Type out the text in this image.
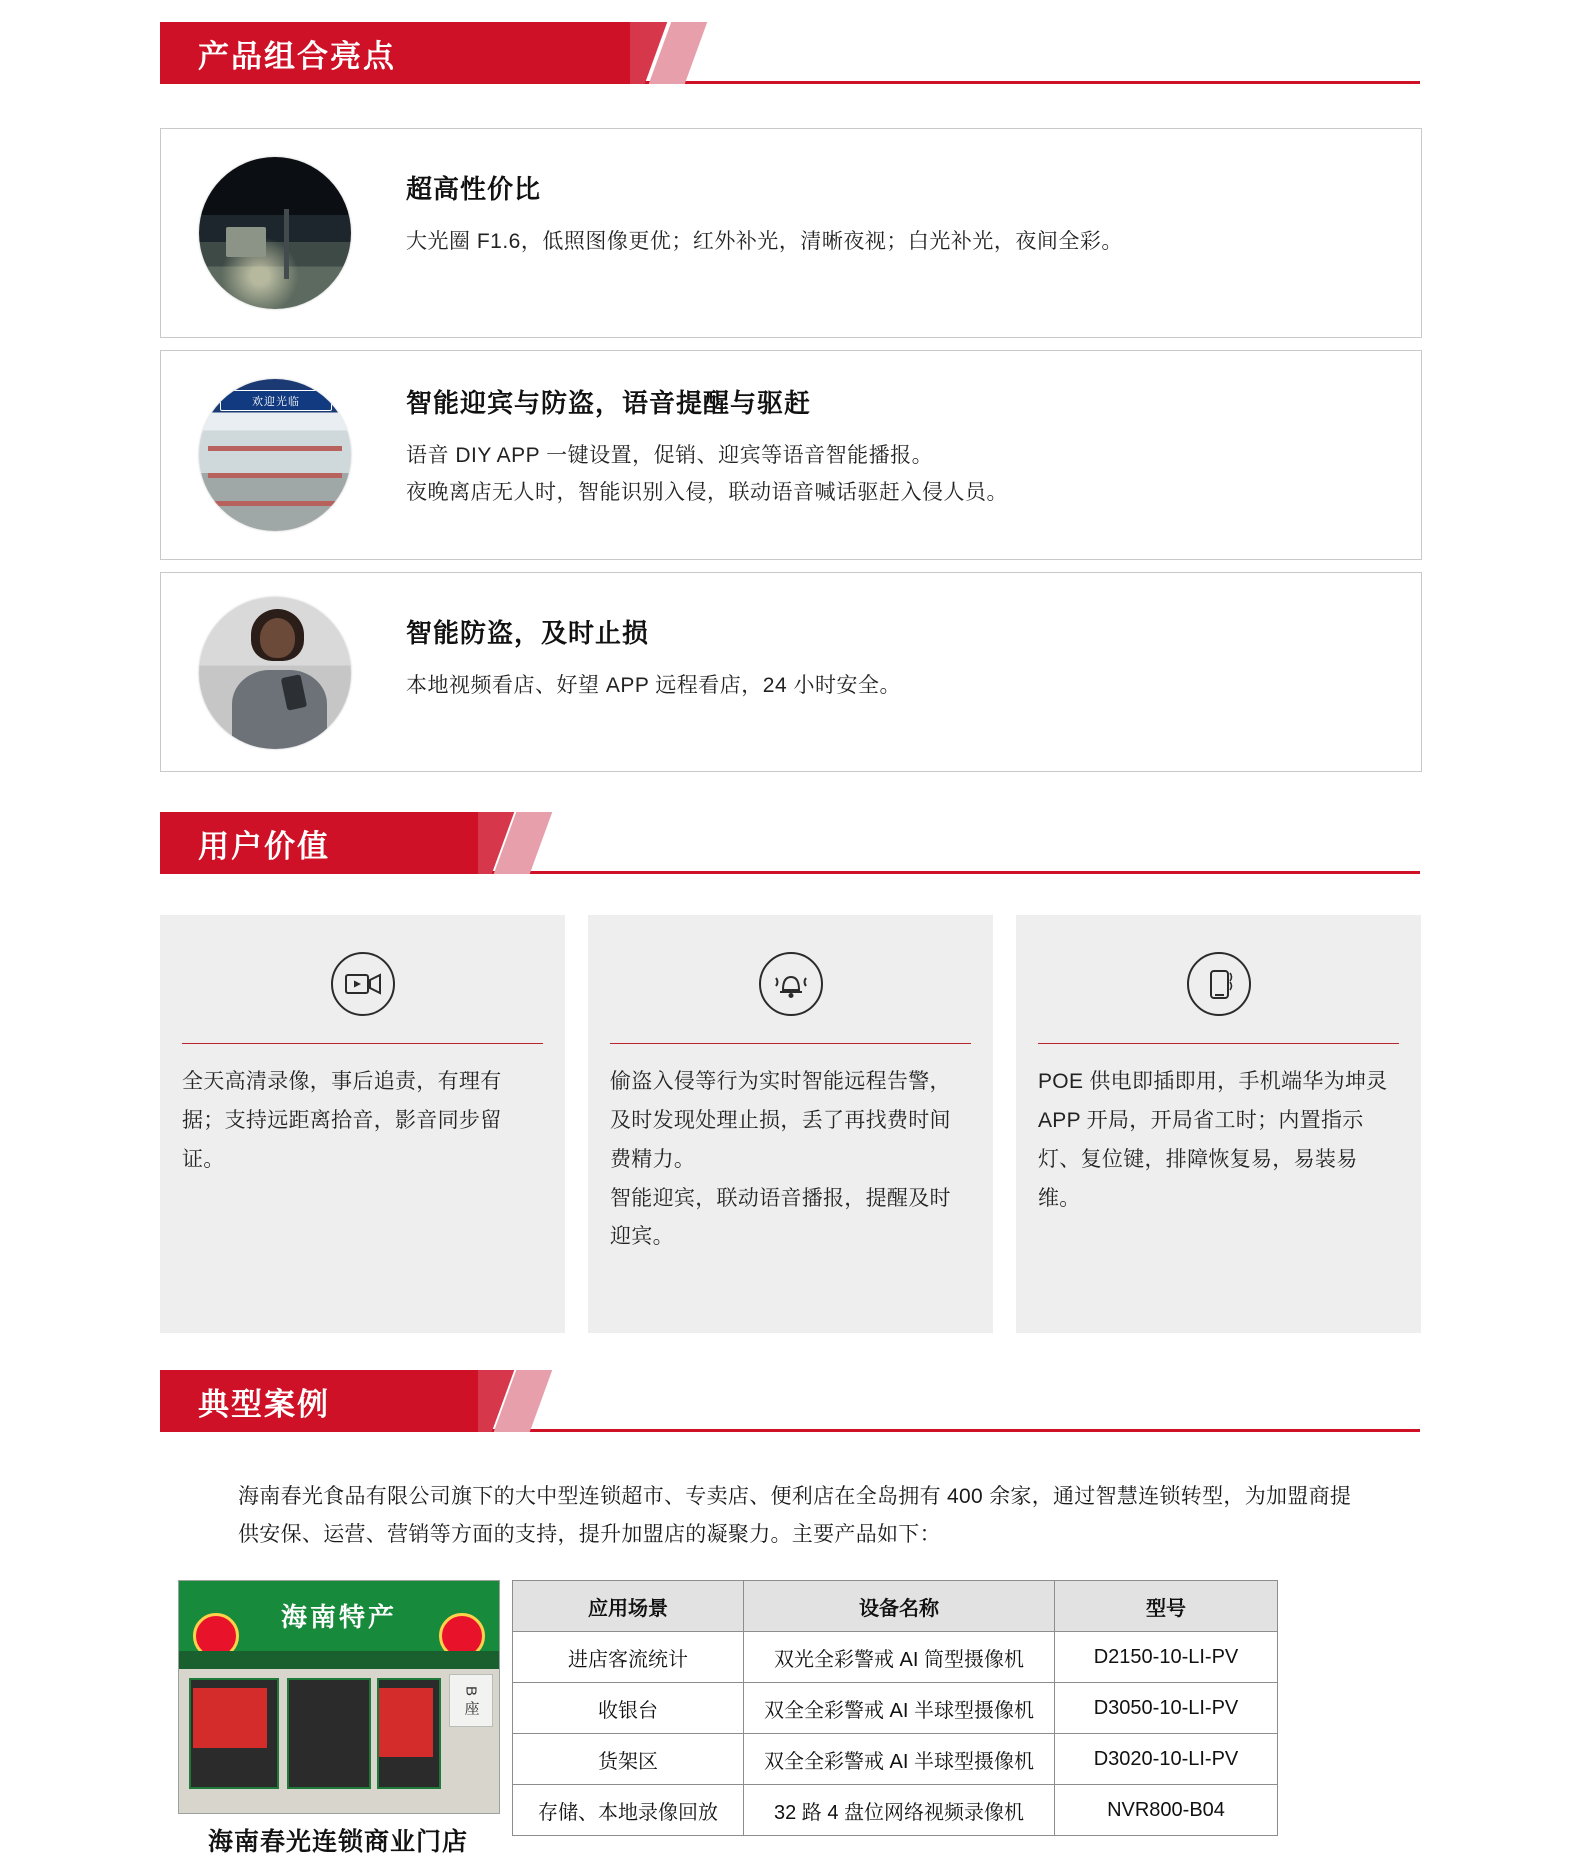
产品组合亮点
超高性价比
大光圈 F1.6，低照图像更优；红外补光，清晰夜视；白光补光，夜间全彩。
欢迎光临	智能迎宾与防盗，语音提醒与驱赶
语音 DIY APP 一键设置，促销、迎宾等语音智能播报。
夜晚离店无人时，智能识别入侵，联动语音喊话驱赶入侵人员。
智能防盗，及时止损
本地视频看店、好望 APP 远程看店，24 小时安全。
用户价值
全天高清录像，事后追责，有理有据；支持远距离拾音，影音同步留证。
偷盗入侵等行为实时智能远程告警，及时发现处理止损，丢了再找费时间费精力。
智能迎宾，联动语音播报，提醒及时迎宾。
POE 供电即插即用，手机端华为坤灵 APP 开局，开局省工时；内置指示灯、复位键，排障恢复易，易装易维。
典型案例
海南春光食品有限公司旗下的大中型连锁超市、专卖店、便利店在全岛拥有 400 余家，通过智慧连锁转型，为加盟商提供安保、运营、营销等方面的支持，提升加盟店的凝聚力。主要产品如下：
海南特产
B 座
海南春光连锁商业门店
应用场景	设备名称	型号
进店客流统计	双光全彩警戒 AI 筒型摄像机	D2150-10-LI-PV
收银台	双全全彩警戒 AI 半球型摄像机	D3050-10-LI-PV
货架区	双全全彩警戒 AI 半球型摄像机	D3020-10-LI-PV
存储、本地录像回放	32 路 4 盘位网络视频录像机	NVR800-B04
